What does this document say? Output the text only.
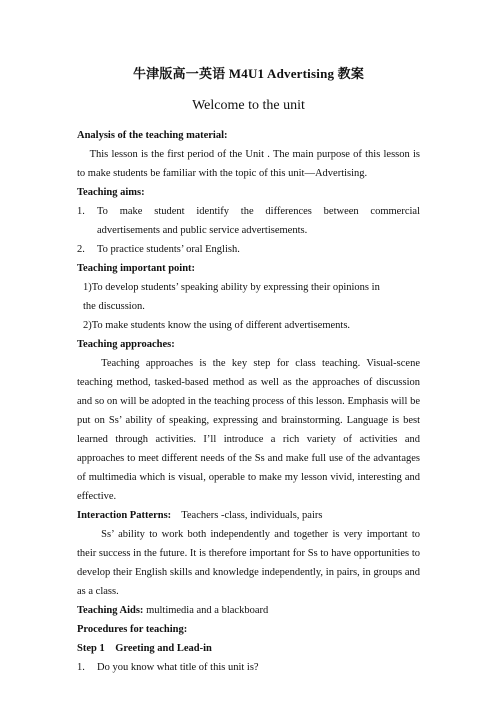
牛津版高一英语 M4U1 Advertising 教案

Welcome to the unit

Analysis of the teaching material:

This lesson is the first period of the Unit . The main purpose of this lesson is to make students be familiar with the topic of this unit—Advertising.

Teaching aims:

1. To make student identify the differences between commercial advertisements and public service advertisements.
2. To practice students’ oral English.

Teaching important point:

1)To develop students’ speaking ability by expressing their opinions in
the discussion.
2)To make students know the using of different advertisements.

Teaching approaches:

Teaching approaches is the key step for class teaching. Visual-scene teaching method, tasked-based method as well as the approaches of discussion and so on will be adopted in the teaching process of this lesson. Emphasis will be put on Ss’ ability of speaking, expressing and brainstorming. Language is best learned through activities. I’ll introduce a rich variety of activities and approaches to meet different needs of the Ss and make full use of the advantages of multimedia which is visual, operable to make my lesson vivid, interesting and effective.

Interaction Patterns: Teachers -class, individuals, pairs

Ss’ ability to work both independently and together is very important to their success in the future. It is therefore important for Ss to have opportunities to develop their English skills and knowledge independently, in pairs, in groups and as a class.

Teaching Aids: multimedia and a blackboard

Procedures for teaching:

Step 1    Greeting and Lead-in

1. Do you know what title of this unit is?
